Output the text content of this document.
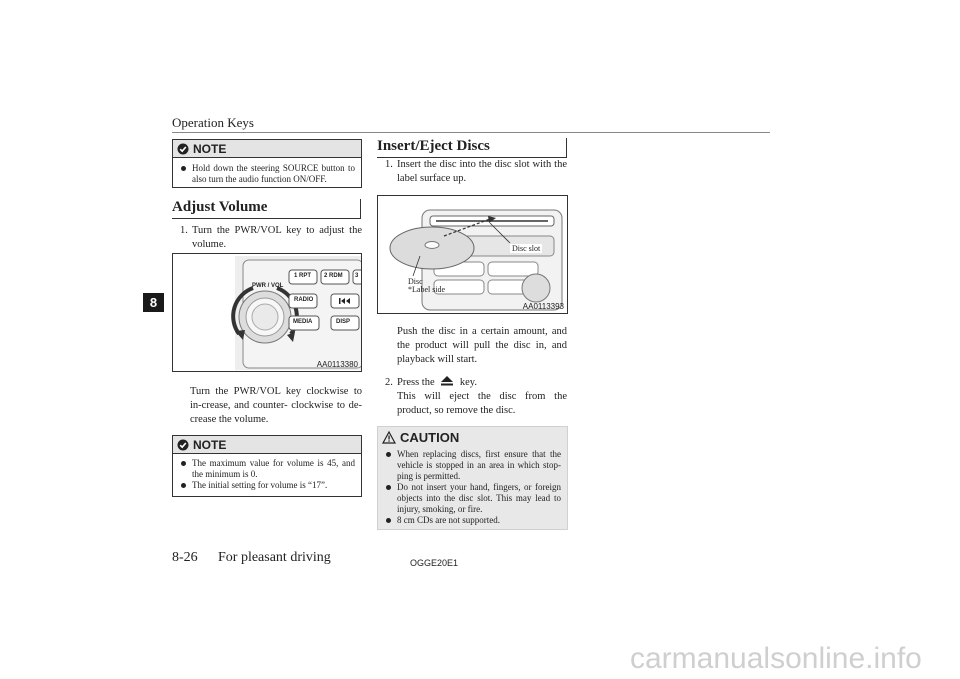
Operation Keys
8
NOTE
Hold down the steering SOURCE button to also turn the audio function ON/OFF.
Adjust Volume
1. Turn the PWR/VOL key to adjust the volume.
PWR / VOL
1 RPT 2 RDM 3
RADIO
MEDIA	DISP
AA0113380
Turn the PWR/VOL key clockwise to in-crease, and counter- clockwise to de-crease the volume.
NOTE
The maximum value for volume is 45, and the minimum is 0.
The initial setting for volume is “17”.
Insert/Eject Discs
1. Insert the disc into the disc slot with the label surface up.
Disc slot
Disc
*Label side
AA0113393
Push the disc in a certain amount, and the product will pull the disc in, and playback will start.
2. Press the key.
This will eject the disc from the product, so remove the disc.
CAUTION
When replacing discs, first ensure that the vehicle is stopped in an area in which stop-ping is permitted.
Do not insert your hand, fingers, or foreign objects into the disc slot. This may lead to injury, smoking, or fire.
8 cm CDs are not supported.
8-26 For pleasant driving	OGGE20E1
carmanualsonline.info
